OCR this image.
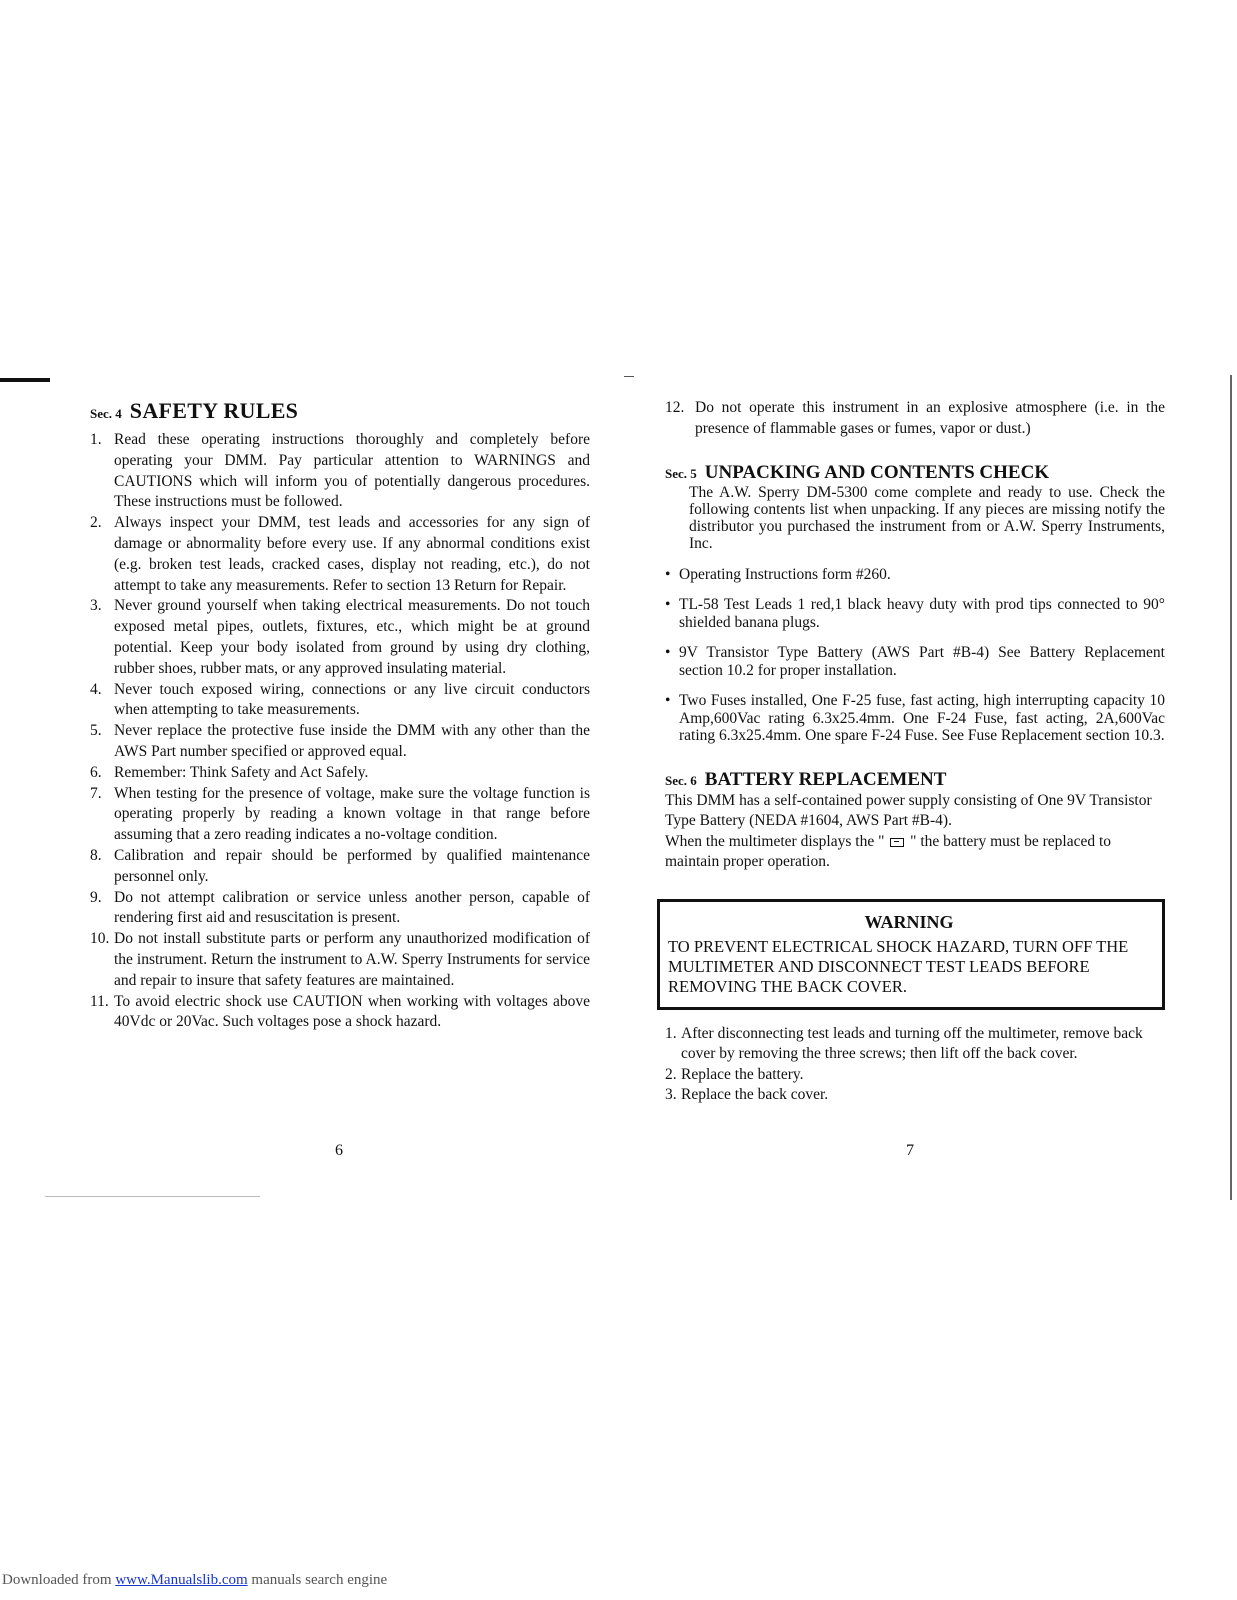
Sec. 4 SAFETY RULES
1. Read these operating instructions thoroughly and completely before operating your DMM. Pay particular attention to WARNINGS and CAUTIONS which will inform you of potentially dangerous procedures. These instructions must be followed.
2. Always inspect your DMM, test leads and accessories for any sign of damage or abnormality before every use. If any abnormal conditions exist (e.g. broken test leads, cracked cases, display not reading, etc.), do not attempt to take any measurements. Refer to section 13 Return for Repair.
3. Never ground yourself when taking electrical measurements. Do not touch exposed metal pipes, outlets, fixtures, etc., which might be at ground potential. Keep your body isolated from ground by using dry clothing, rubber shoes, rubber mats, or any approved insulating material.
4. Never touch exposed wiring, connections or any live circuit conductors when attempting to take measurements.
5. Never replace the protective fuse inside the DMM with any other than the AWS Part number specified or approved equal.
6. Remember: Think Safety and Act Safely.
7. When testing for the presence of voltage, make sure the voltage function is operating properly by reading a known voltage in that range before assuming that a zero reading indicates a no-voltage condition.
8. Calibration and repair should be performed by qualified maintenance personnel only.
9. Do not attempt calibration or service unless another person, capable of rendering first aid and resuscitation is present.
10. Do not install substitute parts or perform any unauthorized modification of the instrument. Return the instrument to A.W. Sperry Instruments for service and repair to insure that safety features are maintained.
11. To avoid electric shock use CAUTION when working with voltages above 40Vdc or 20Vac. Such voltages pose a shock hazard.
6
12. Do not operate this instrument in an explosive atmosphere (i.e. in the presence of flammable gases or fumes, vapor or dust.)
Sec. 5 UNPACKING AND CONTENTS CHECK

The A.W. Sperry DM-5300 come complete and ready to use. Check the following contents list when unpacking. If any pieces are missing notify the distributor you purchased the instrument from or A.W. Sperry Instruments, Inc.

• Operating Instructions form #260.
• TL-58 Test Leads 1 red,1 black heavy duty with prod tips connected to 90° shielded banana plugs.
• 9V Transistor Type Battery (AWS Part #B-4) See Battery Replacement section 10.2 for proper installation.
• Two Fuses installed, One F-25 fuse, fast acting, high interrupting capacity 10 Amp,600Vac rating 6.3x25.4mm. One F-24 Fuse, fast acting, 2A,600Vac rating 6.3x25.4mm. One spare F-24 Fuse. See Fuse Replacement section 10.3.
Sec. 6 BATTERY REPLACEMENT

This DMM has a self-contained power supply consisting of One 9V Transistor Type Battery (NEDA #1604, AWS Part #B-4).

When the multimeter displays the " " the battery must be replaced to maintain proper operation.

WARNING
TO PREVENT ELECTRICAL SHOCK HAZARD, TURN OFF THE MULTIMETER AND DISCONNECT TEST LEADS BEFORE REMOVING THE BACK COVER.
1. After disconnecting test leads and turning off the multimeter, remove back cover by removing the three screws; then lift off the back cover.
2. Replace the battery.
3. Replace the back cover.
7
Downloaded from www.Manualslib.com manuals search engine
